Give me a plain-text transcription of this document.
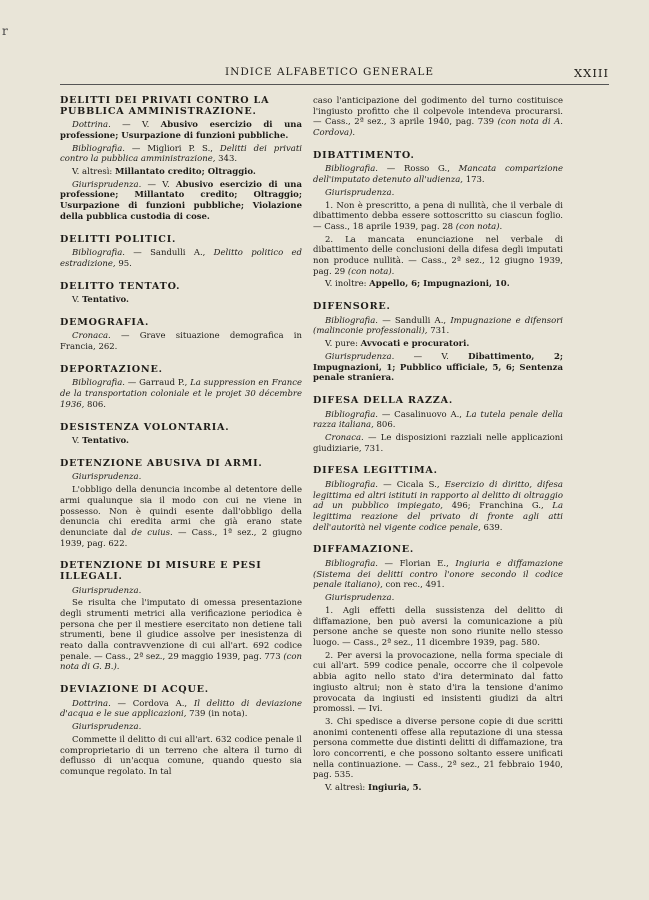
r
INDICE ALFABETICO GENERALE	XXIII
DELITTI DEI PRIVATI CONTRO LA PUBBLICA AMMINISTRAZIONE.
Dottrina. — V. Abusivo esercizio di una professione; Usurpazione di funzioni pubbliche.
Bibliografia. — Migliori P. S., Delitti dei privati contro la pubblica amministrazione, 343.
V. altresì: Millantato credito; Oltraggio.
Giurisprudenza. — V. Abusivo esercizio di una professione; Millantato credito; Oltraggio; Usurpazione di funzioni pubbliche; Violazione della pubblica custodia di cose.
DELITTI POLITICI.
Bibliografia. — Sandulli A., Delitto politico ed estradizione, 95.
DELITTO TENTATO.
V. Tentativo.
DEMOGRAFIA.
Cronaca. — Grave situazione demografica in Francia, 262.
DEPORTAZIONE.
Bibliografia. — Garraud P., La suppression en France de la transportation coloniale et le projet 30 décembre 1936, 806.
DESISTENZA VOLONTARIA.
V. Tentativo.
DETENZIONE ABUSIVA DI ARMI.
Giurisprudenza.
L'obbligo della denuncia incombe al detentore delle armi qualunque sia il modo con cui ne viene in possesso. Non è quindi esente dall'obbligo della denuncia chi eredita armi che già erano state denunciate dal de cuius. — Cass., 1ª sez., 2 giugno 1939, pag. 622.
DETENZIONE DI MISURE E PESI ILLEGALI.
Giurisprudenza.
Se risulta che l'imputato di omessa presentazione degli strumenti metrici alla verificazione periodica è persona che per il mestiere esercitato non detiene tali strumenti, bene il giudice assolve per inesistenza di reato dalla contravvenzione di cui all'art. 692 codice penale. — Cass., 2ª sez., 29 maggio 1939, pag. 773 (con nota di G. B.).
DEVIAZIONE DI ACQUE.
Dottrina. — Cordova A., Il delitto di deviazione d'acqua e le sue applicazioni, 739 (in nota).
Giurisprudenza.
Commette il delitto di cui all'art. 632 codice penale il comproprietario di un terreno che altera il turno di deflusso di un'acqua comune, quando questo sia comunque regolato. In tal
caso l'anticipazione del godimento del turno costituisce l'ingiusto profitto che il colpevole intendeva procurarsi. — Cass., 2ª sez., 3 aprile 1940, pag. 739 (con nota di A. Cordova).
DIBATTIMENTO.
Bibliografia. — Rosso G., Mancata comparizione dell'imputato detenuto all'udienza, 173.
Giurisprudenza.
1. Non è prescritto, a pena di nullità, che il verbale di dibattimento debba essere sottoscritto su ciascun foglio. — Cass., 18 aprile 1939, pag. 28 (con nota).
2. La mancata enunciazione nel verbale di dibattimento delle conclusioni della difesa degli imputati non produce nullità. — Cass., 2ª sez., 12 giugno 1939, pag. 29 (con nota).
V. inoltre: Appello, 6; Impugnazioni, 10.
DIFENSORE.
Bibliografia. — Sandulli A., Impugnazione e difensori (malinconie professionali), 731.
V. pure: Avvocati e procuratori.
Giurisprudenza. — V. Dibattimento, 2; Impugnazioni, 1; Pubblico ufficiale, 5, 6; Sentenza penale straniera.
DIFESA DELLA RAZZA.
Bibliografia. — Casalinuovo A., La tutela penale della razza italiana, 806.
Cronaca. — Le disposizioni razziali nelle applicazioni giudiziarie, 731.
DIFESA LEGITTIMA.
Bibliografia. — Cicala S., Esercizio di diritto, difesa legittima ed altri istituti in rapporto al delitto di oltraggio ad un pubblico impiegato, 496; Franchina G., La legittima reazione del privato di fronte agli atti dell'autorità nel vigente codice penale, 639.
DIFFAMAZIONE.
Bibliografia. — Florian E., Ingiuria e diffamazione (Sistema dei delitti contro l'onore secondo il codice penale italiano), con rec., 491.
Giurisprudenza.
1. Agli effetti della sussistenza del delitto di diffamazione, ben può aversi la comunicazione a più persone anche se queste non sono riunite nello stesso luogo. — Cass., 2ª sez., 11 dicembre 1939, pag. 580.
2. Per aversi la provocazione, nella forma speciale di cui all'art. 599 codice penale, occorre che il colpevole abbia agito nello stato d'ira determinato dal fatto ingiusto altrui; non è stato d'ira la tensione d'animo provocata da ingiusti ed insistenti giudizi da altri promossi. — Ivi.
3. Chi spedisce a diverse persone copie di due scritti anonimi contenenti offese alla reputazione di una stessa persona commette due distinti delitti di diffamazione, tra loro concorrenti, e che possono soltanto essere unificati nella continuazione. — Cass., 2ª sez., 21 febbraio 1940, pag. 535.
V. altresì: Ingiuria, 5.
